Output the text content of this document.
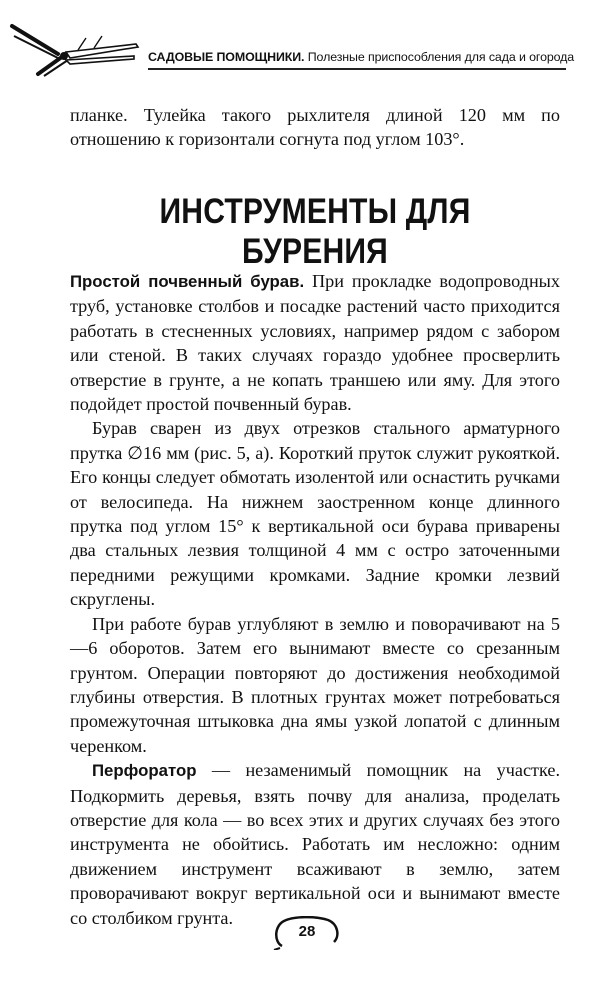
САДОВЫЕ ПОМОЩНИКИ. Полезные приспособления для сада и огорода

планке. Тулейка такого рыхлителя длиной 120 мм по отношению к горизонтали согнута под углом 103°.

ИНСТРУМЕНТЫ ДЛЯ БУРЕНИЯ

Простой почвенный бурав. При прокладке водопроводных труб, установке столбов и посадке растений часто приходится работать в стесненных условиях, например рядом с забором или стеной. В таких случаях гораздо удобнее просверлить отверстие в грунте, а не копать траншею или яму. Для этого подойдет простой почвенный бурав.

Бурав сварен из двух отрезков стального арматурного прутка ∅16 мм (рис. 5, а). Короткий пруток служит рукояткой. Его концы следует обмотать изолентой или оснастить ручками от велосипеда. На нижнем заостренном конце длинного прутка под углом 15° к вертикальной оси бурава приварены два стальных лезвия толщиной 4 мм с остро заточенными передними режущими кромками. Задние кромки лезвий скруглены.

При работе бурав углубляют в землю и поворачивают на 5—6 оборотов. Затем его вынимают вместе со срезанным грунтом. Операции повторяют до достижения необходимой глубины отверстия. В плотных грунтах может потребоваться промежуточная штыковка дна ямы узкой лопатой с длинным черенком.

Перфоратор — незаменимый помощник на участке. Подкормить деревья, взять почву для анализа, проделать отверстие для кола — во всех этих и других случаях без этого инструмента не обойтись. Работать им несложно: одним движением инструмент всаживают в землю, затем проворачивают вокруг вертикальной оси и вынимают вместе со столбиком грунта.

28
